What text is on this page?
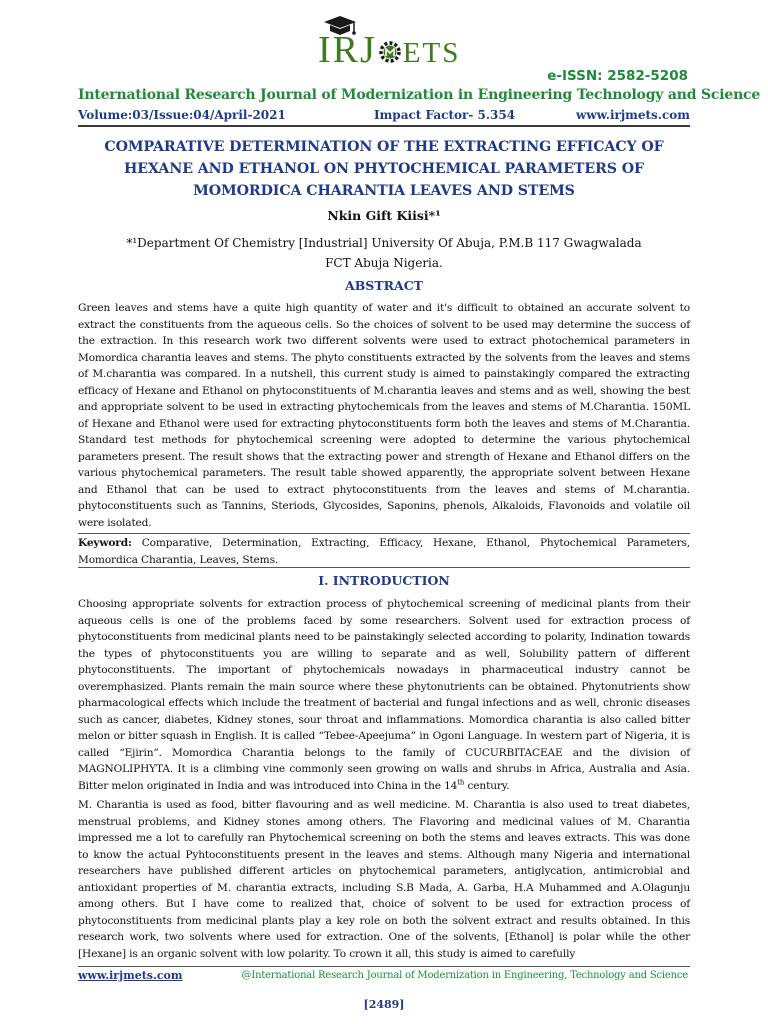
IRJ ETS
e-ISSN: 2582-5208
International Research Journal of Modernization in Engineering Technology and Science
Volume:03/Issue:04/April-2021	Impact Factor- 5.354	www.irjmets.com
COMPARATIVE DETERMINATION OF THE EXTRACTING EFFICACY OF HEXANE AND ETHANOL ON PHYTOCHEMICAL PARAMETERS OF MOMORDICA CHARANTIA LEAVES AND STEMS
Nkin Gift Kiisi*¹
*¹Department Of Chemistry [Industrial] University Of Abuja, P.M.B 117 Gwagwalada
FCT Abuja Nigeria.
ABSTRACT
Green leaves and stems have a quite high quantity of water and it's difficult to obtained an accurate solvent to extract the constituents from the aqueous cells. So the choices of solvent to be used may determine the success of the extraction. In this research work two different solvents were used to extract photochemical parameters in Momordica charantia leaves and stems. The phyto constituents extracted by the solvents from the leaves and stems of M.charantia was compared. In a nutshell, this current study is aimed to painstakingly compared the extracting efficacy of Hexane and Ethanol on phytoconstituents of M.charantia leaves and stems and as well, showing the best and appropriate solvent to be used in extracting phytochemicals from the leaves and stems of M.Charantia. 150ML of Hexane and Ethanol were used for extracting phytoconstituents form both the leaves and stems of M.Charantia. Standard test methods for phytochemical screening were adopted to determine the various phytochemical parameters present. The result shows that the extracting power and strength of Hexane and Ethanol differs on the various phytochemical parameters. The result table showed apparently, the appropriate solvent between Hexane and Ethanol that can be used to extract phytoconstituents from the leaves and stems of M.charantia. phytoconstituents such as Tannins, Steriods, Glycosides, Saponins, phenols, Alkaloids, Flavonoids and volatile oil were isolated.
Keyword: Comparative, Determination, Extracting, Efficacy, Hexane, Ethanol, Phytochemical Parameters, Momordica Charantia, Leaves, Stems.
I. INTRODUCTION
Choosing appropriate solvents for extraction process of phytochemical screening of medicinal plants from their aqueous cells is one of the problems faced by some researchers. Solvent used for extraction process of phytoconstituents from medicinal plants need to be painstakingly selected according to polarity, Indination towards the types of phytoconstituents you are willing to separate and as well, Solubility pattern of different phytoconstituents. The important of phytochemicals nowadays in pharmaceutical industry cannot be overemphasized. Plants remain the main source where these phytonutrients can be obtained. Phytonutrients show pharmacological effects which include the treatment of bacterial and fungal infections and as well, chronic diseases such as cancer, diabetes, Kidney stones, sour throat and inflammations. Momordica charantia is also called bitter melon or bitter squash in English. It is called “Tebee-Apeejuma” in Ogoni Language. In western part of Nigeria, it is called “Ejirin”. Momordica Charantia belongs to the family of CUCURBITACEAE and the division of MAGNOLIPHYTA. It is a climbing vine commonly seen growing on walls and shrubs in Africa, Australia and Asia. Bitter melon originated in India and was introduced into China in the 14th century.
M. Charantia is used as food, bitter flavouring and as well medicine. M. Charantia is also used to treat diabetes, menstrual problems, and Kidney stones among others. The Flavoring and medicinal values of M. Charantia impressed me a lot to carefully ran Phytochemical screening on both the stems and leaves extracts. This was done to know the actual Pyhtoconstituents present in the leaves and stems. Although many Nigeria and international researchers have published different articles on phytochemical parameters, antiglycation, antimicrobial and antioxidant properties of M. charantia extracts, including S.B Mada, A. Garba, H.A Muhammed and A.Olagunju among others. But I have come to realized that, choice of solvent to be used for extraction process of phytoconstituents from medicinal plants play a key role on both the solvent extract and results obtained. In this research work, two solvents where used for extraction. One of the solvents, [Ethanol] is polar while the other [Hexane] is an organic solvent with low polarity. To crown it all, this study is aimed to carefully
www.irjmets.com	@International Research Journal of Modernization in Engineering, Technology and Science
[2489]
